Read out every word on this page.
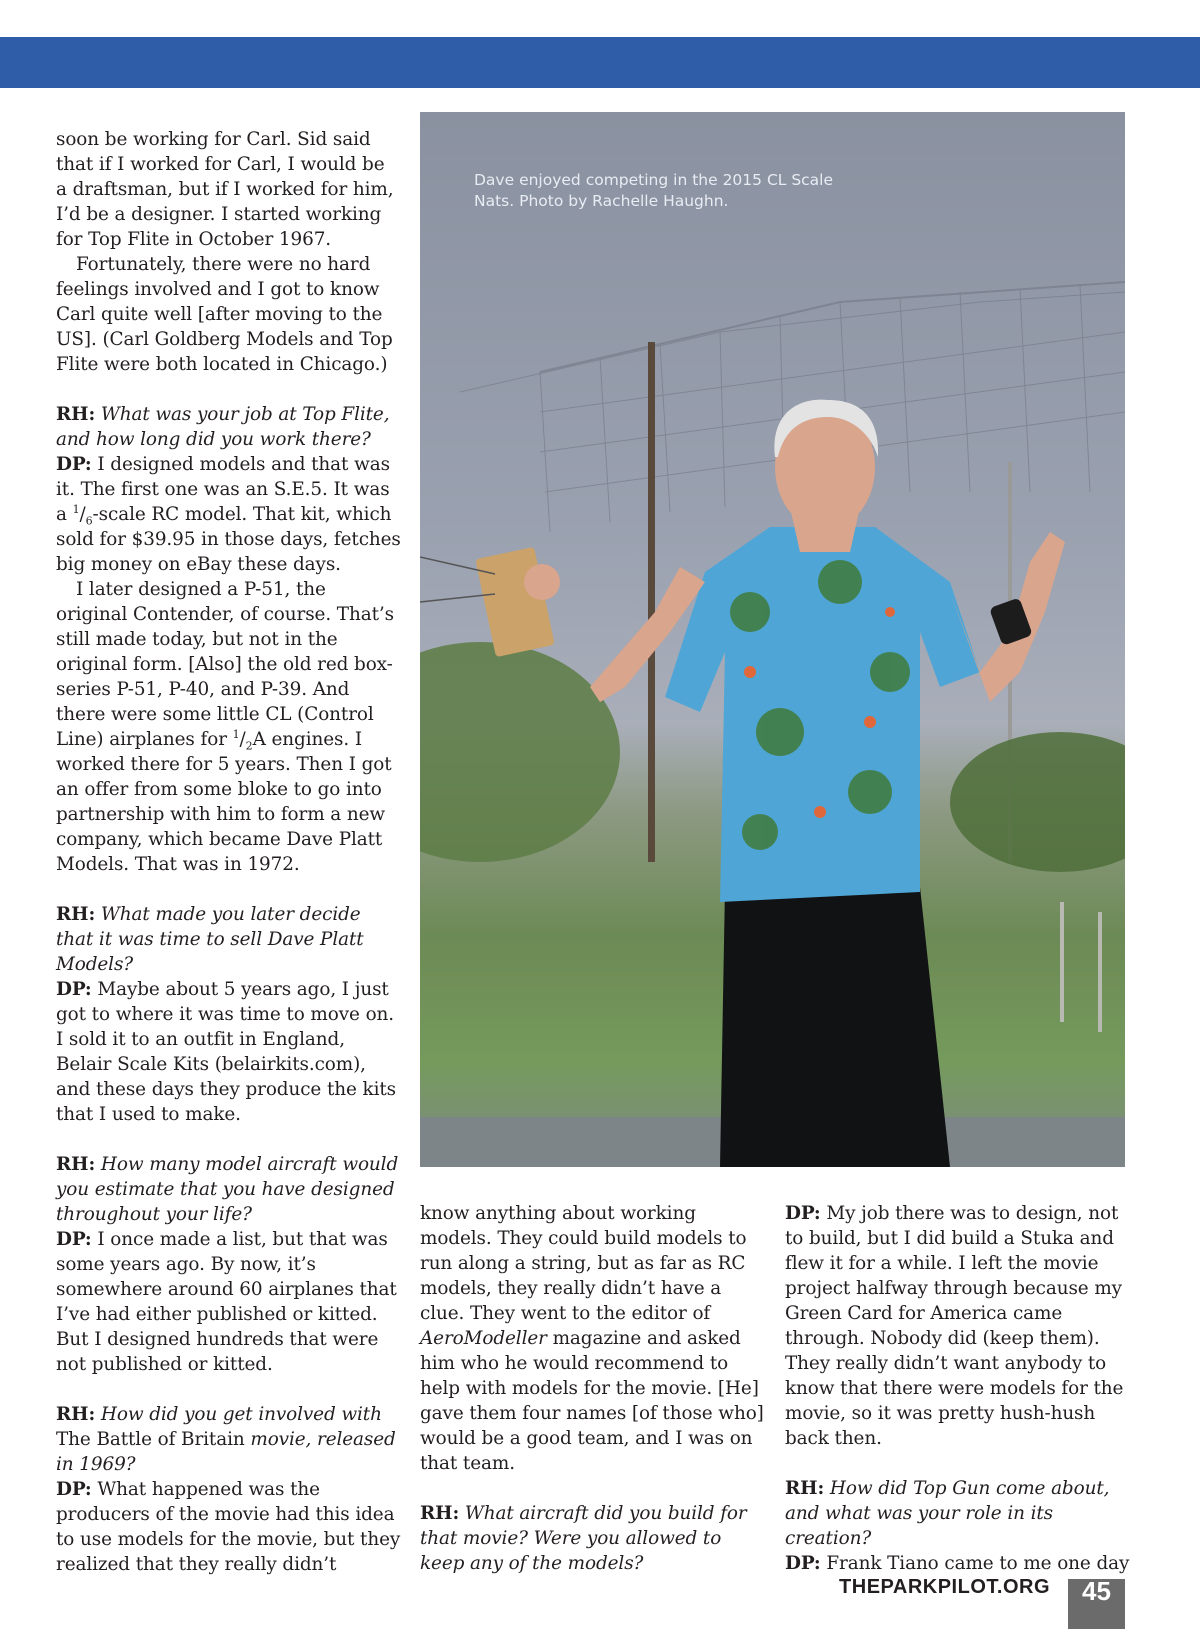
soon be working for Carl. Sid said that if I worked for Carl, I would be a draftsman, but if I worked for him, I’d be a designer. I started working for Top Flite in October 1967.

Fortunately, there were no hard feelings involved and I got to know Carl quite well [after moving to the US]. (Carl Goldberg Models and Top Flite were both located in Chicago.)

RH: What was your job at Top Flite, and how long did you work there?

DP: I designed models and that was it. The first one was an S.E.5. It was a $^1/_6$-scale RC model. That kit, which sold for $39.95 in those days, fetches big money on eBay these days.

I later designed a P-51, the original Contender, of course. That’s still made today, but not in the original form. [Also] the old red box-series P-51, P-40, and P-39. And there were some little CL (Control Line) airplanes for $^1/_2A$ engines. I worked there for 5 years. Then I got an offer from some bloke to go into partnership with him to form a new company, which became Dave Platt Models. That was in 1972.

RH: What made you later decide that it was time to sell Dave Platt Models?

DP: Maybe about 5 years ago, I just got to where it was time to move on. I sold it to an outfit in England, Belair Scale Kits (belairkits.com), and these days they produce the kits that I used to make.

RH: How many model aircraft would you estimate that you have designed throughout your life?

DP: I once made a list, but that was some years ago. By now, it’s somewhere around 60 airplanes that I’ve had either published or kitted. But I designed hundreds that were not published or kitted.

RH: How did you get involved with The Battle of Britain movie, released in 1969?

DP: What happened was the producers of the movie had this idea to use models for the movie, but they realized that they really didn’t

Dave enjoyed competing in the 2015 CL Scale Nats. Photo by Rachelle Haughn.

know anything about working models. They could build models to run along a string, but as far as RC models, they really didn’t have a clue. They went to the editor of AeroModeller magazine and asked him who he would recommend to help with models for the movie. [He] gave them four names [of those who] would be a good team, and I was on that team.

RH: What aircraft did you build for that movie? Were you allowed to keep any of the models?

DP: My job there was to design, not to build, but I did build a Stuka and flew it for a while. I left the movie project halfway through because my Green Card for America came through. Nobody did (keep them). They really didn’t want anybody to know that there were models for the movie, so it was pretty hush-hush back then.

RH: How did Top Gun come about, and what was your role in its creation?

DP: Frank Tiano came to me one day

THEPARKPILOT.ORG	45
